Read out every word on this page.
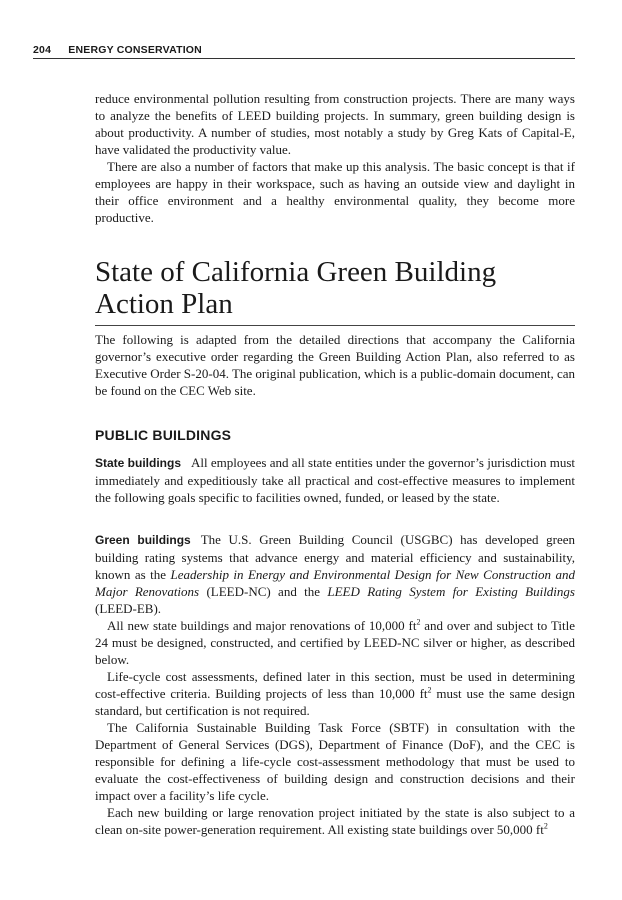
204 ENERGY CONSERVATION

reduce environmental pollution resulting from construction projects. There are many ways to analyze the benefits of LEED building projects. In summary, green building design is about productivity. A number of studies, most notably a study by Greg Kats of Capital-E, have validated the productivity value.

There are also a number of factors that make up this analysis. The basic concept is that if employees are happy in their workspace, such as having an outside view and daylight in their office environment and a healthy environmental quality, they become more productive.

State of California Green Building Action Plan

The following is adapted from the detailed directions that accompany the California governor’s executive order regarding the Green Building Action Plan, also referred to as Executive Order S-20-04. The original publication, which is a public-domain document, can be found on the CEC Web site.

PUBLIC BUILDINGS

State buildings All employees and all state entities under the governor’s jurisdiction must immediately and expeditiously take all practical and cost-effective measures to implement the following goals specific to facilities owned, funded, or leased by the state.

Green buildings The U.S. Green Building Council (USGBC) has developed green building rating systems that advance energy and material efficiency and sustainability, known as the Leadership in Energy and Environmental Design for New Construction and Major Renovations (LEED-NC) and the LEED Rating System for Existing Buildings (LEED-EB).

All new state buildings and major renovations of 10,000 $ft^2$ and over and subject to Title 24 must be designed, constructed, and certified by LEED-NC silver or higher, as described below.

Life-cycle cost assessments, defined later in this section, must be used in determining cost-effective criteria. Building projects of less than 10,000 $ft^2$ must use the same design standard, but certification is not required.

The California Sustainable Building Task Force (SBTF) in consultation with the Department of General Services (DGS), Department of Finance (DoF), and the CEC is responsible for defining a life-cycle cost-assessment methodology that must be used to evaluate the cost-effectiveness of building design and construction decisions and their impact over a facility’s life cycle.

Each new building or large renovation project initiated by the state is also subject to a clean on-site power-generation requirement. All existing state buildings over 50,000 $ft^2$
